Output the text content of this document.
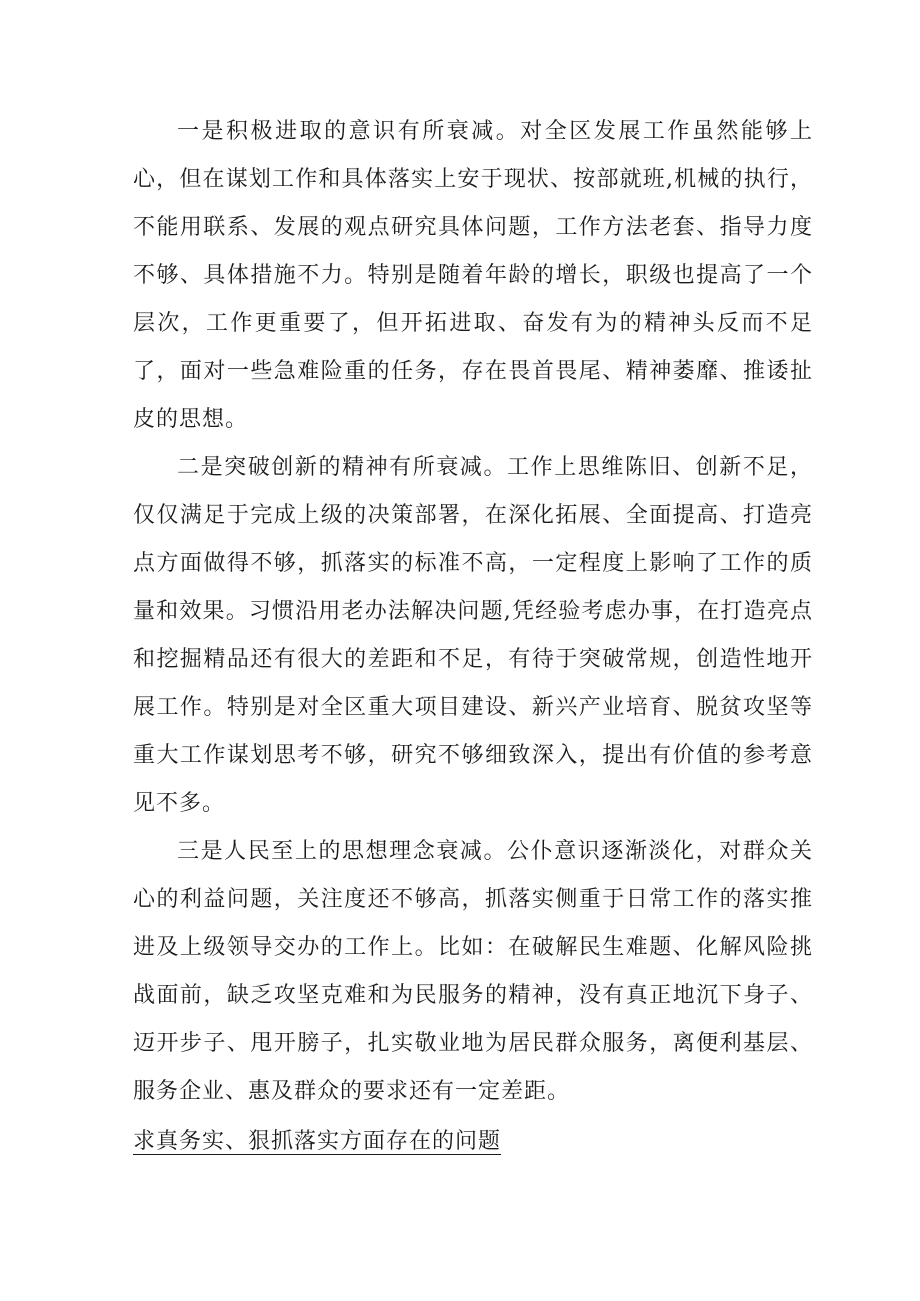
一是积极进取的意识有所衰减。对全区发展工作虽然能够上心，但在谋划工作和具体落实上安于现状、按部就班,机械的执行，不能用联系、发展的观点研究具体问题，工作方法老套、指导力度不够、具体措施不力。特别是随着年龄的增长，职级也提高了一个层次，工作更重要了，但开拓进取、奋发有为的精神头反而不足了，面对一些急难险重的任务，存在畏首畏尾、精神萎靡、推诿扯皮的思想。

二是突破创新的精神有所衰减。工作上思维陈旧、创新不足，仅仅满足于完成上级的决策部署，在深化拓展、全面提高、打造亮点方面做得不够，抓落实的标准不高，一定程度上影响了工作的质量和效果。习惯沿用老办法解决问题,凭经验考虑办事，在打造亮点和挖掘精品还有很大的差距和不足，有待于突破常规，创造性地开展工作。特别是对全区重大项目建设、新兴产业培育、脱贫攻坚等重大工作谋划思考不够，研究不够细致深入，提出有价值的参考意见不多。

三是人民至上的思想理念衰减。公仆意识逐渐淡化，对群众关心的利益问题，关注度还不够高，抓落实侧重于日常工作的落实推进及上级领导交办的工作上。比如：在破解民生难题、化解风险挑战面前，缺乏攻坚克难和为民服务的精神，没有真正地沉下身子、迈开步子、甩开膀子，扎实敬业地为居民群众服务，离便利基层、服务企业、惠及群众的要求还有一定差距。

求真务实、狠抓落实方面存在的问题
